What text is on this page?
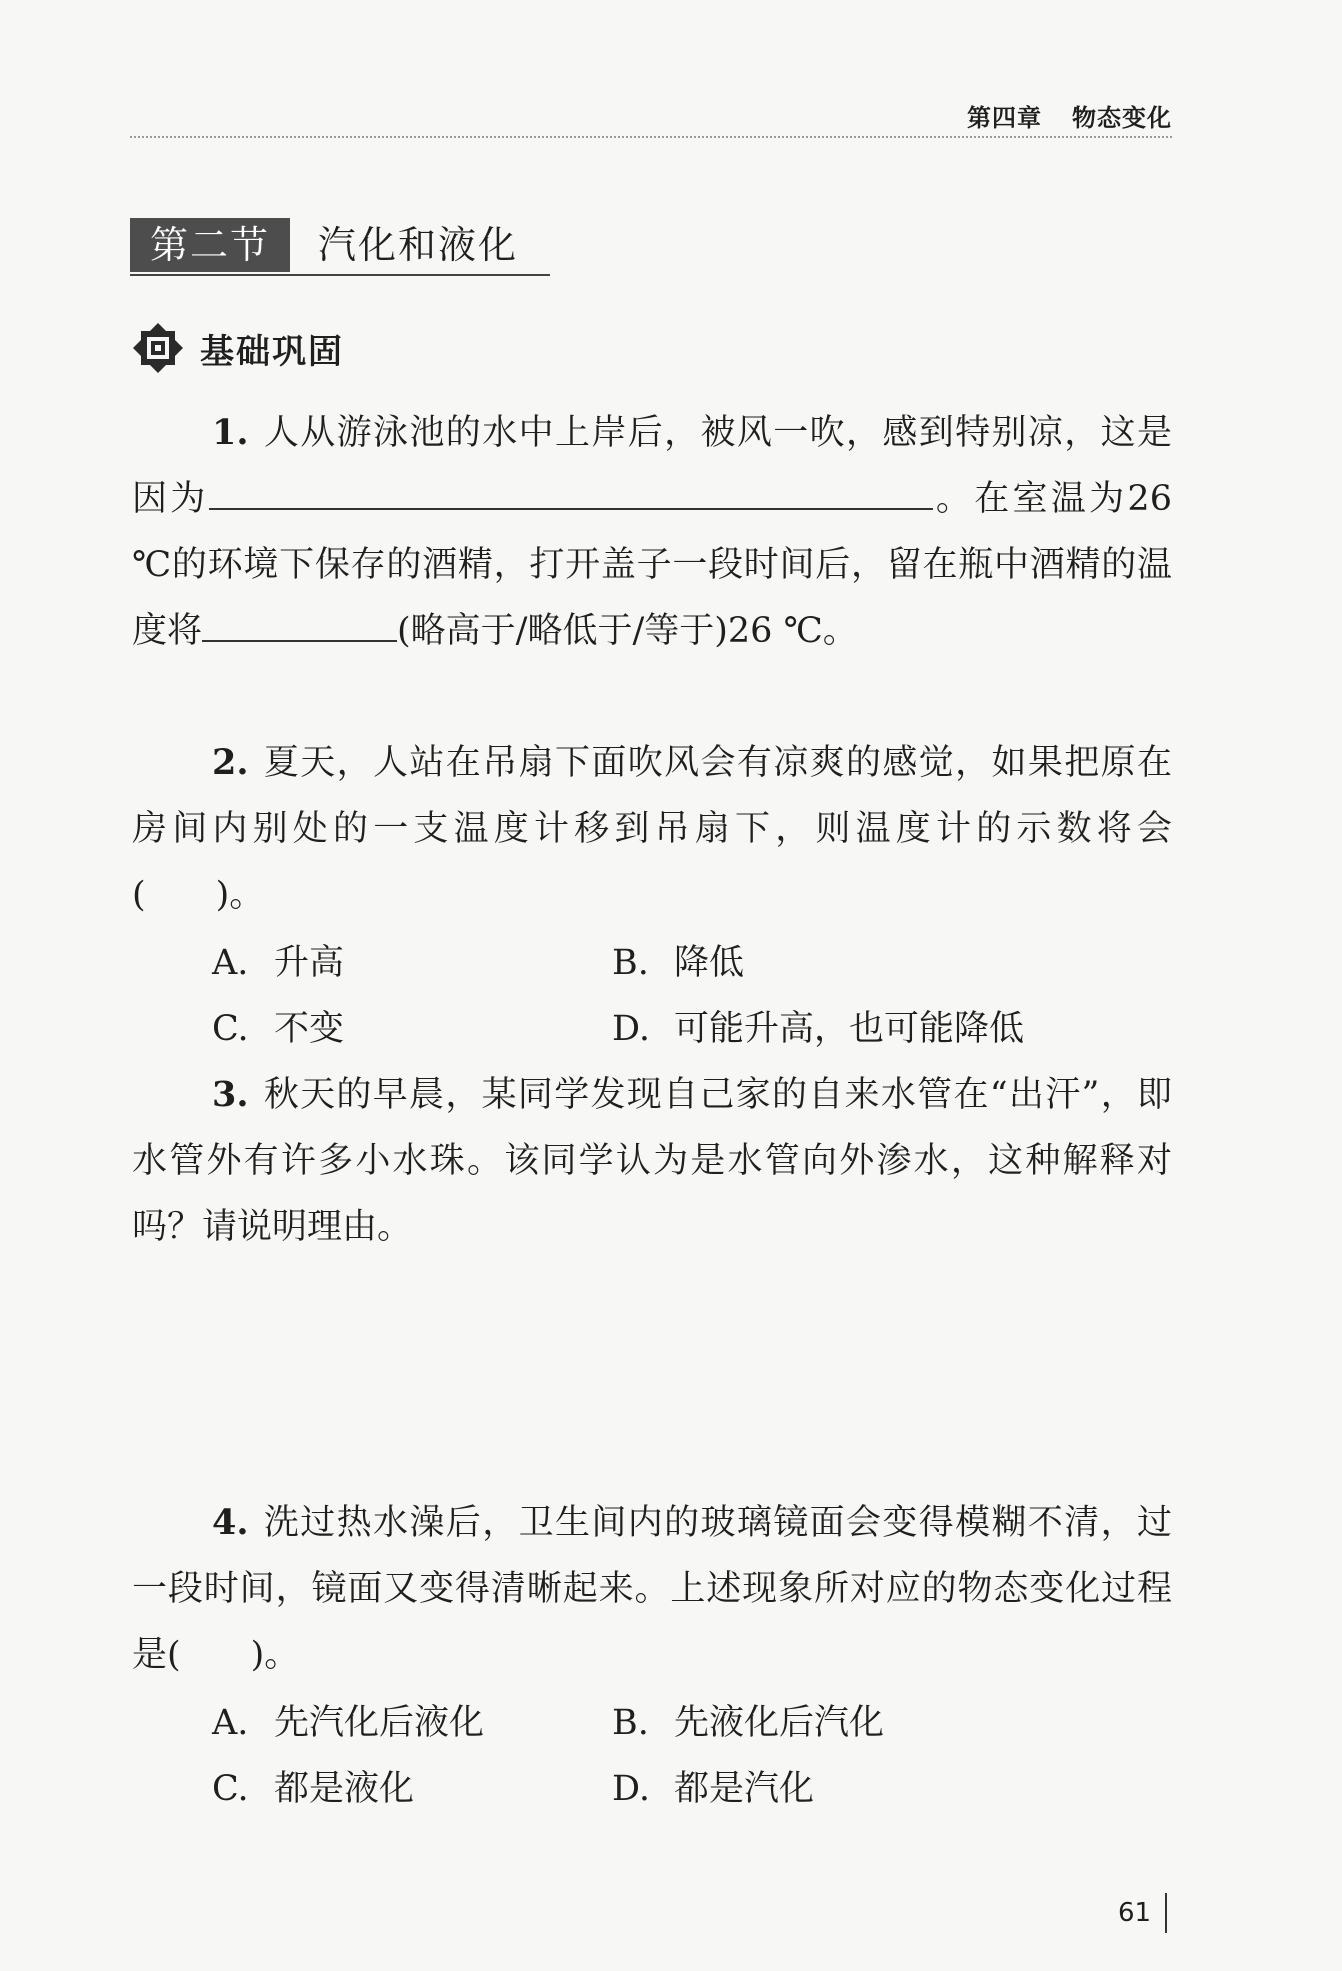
第四章 物态变化
第二节	汽化和液化
基础巩固
1. 人从游泳池的水中上岸后，被风一吹，感到特别凉，这是因为	。在室温为26 ℃的环境下保存的酒精，打开盖子一段时间后，留在瓶中酒精的温度将	(略高于/略低于/等于)26 ℃。
2. 夏天，人站在吊扇下面吹风会有凉爽的感觉，如果把原在房间内别处的一支温度计移到吊扇下，则温度计的示数将会(　　)。
A. 升高	B. 降低
C. 不变	D. 可能升高，也可能降低
3. 秋天的早晨，某同学发现自己家的自来水管在“出汗”，即水管外有许多小水珠。该同学认为是水管向外渗水，这种解释对吗？请说明理由。
4. 洗过热水澡后，卫生间内的玻璃镜面会变得模糊不清，过一段时间，镜面又变得清晰起来。上述现象所对应的物态变化过程是(　　)。
A. 先汽化后液化	B. 先液化后汽化
C. 都是液化	D. 都是汽化
61
